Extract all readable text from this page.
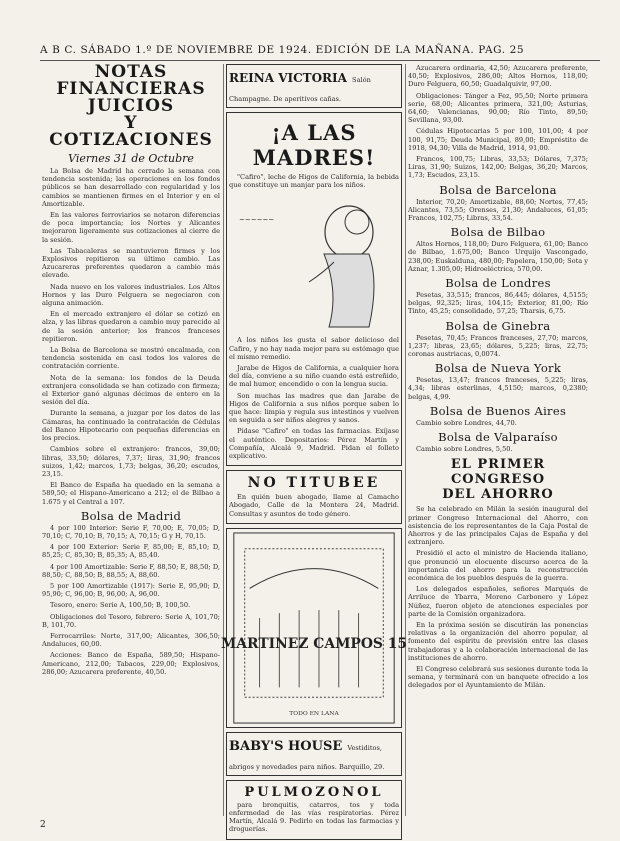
A B C. SÁBADO 1.º DE NOVIEMBRE DE 1924. EDICIÓN DE LA MAÑANA. PAG. 25
NOTAS FINANCIERAS
JUICIOS
Y COTIZACIONES
Viernes 31 de Octubre

La Bolsa de Madrid ha cerrado la semana con tendencia sostenida; las operaciones en los fondos públicos se han desarrollado con regularidad y los cambios se mantienen firmes en el Interior y en el Amortizable.

En las valores ferroviarios se notaron diferencias de poca importancia; los Nortes y Alicantes mejoraron ligeramente sus cotizaciones al cierre de la sesión.

Las Tabacaleras se mantuvieron firmes y los Explosivos repitieron su último cambio. Las Azucareras preferentes quedaron a cambio más elevado.

Nada nuevo en los valores industriales. Los Altos Hornos y las Duro Felguera se negociaron con alguna animación.

En el mercado extranjero el dólar se cotizó en alza, y las libras quedaron a cambio muy parecido al de la sesión anterior; los francos franceses repitieron.

La Bolsa de Barcelona se mostró encalmada, con tendencia sostenida en casi todos los valores de contratación corriente.

Nota de la semana: los fondos de la Deuda extranjera consolidada se han cotizado con firmeza; el Exterior ganó algunas décimas de entero en la sesión del día.

Durante la semana, a juzgar por los datos de las Cámaras, ha continuado la contratación de Cédulas del Banco Hipotecario con pequeñas diferencias en los precios.

Cambios sobre el extranjero: francos, 39,00; libras, 33,50; dólares, 7,37; liras, 31,90; francos suizos, 1,42; marcos, 1,73; belgas, 36,20; escudos, 23,15.

El Banco de España ha quedado en la semana a 589,50; el Hispano-Americano a 212; el de Bilbao a 1.675 y el Central a 107.

Bolsa de Madrid

4 por 100 Interior: Serie F, 70,00; E, 70,05; D, 70,10; C, 70,10; B, 70,15; A, 70,15; G y H, 70,15.

4 por 100 Exterior: Serie F, 85,00; E, 85,10; D, 85,25; C, 85,30; B, 85,35; A, 85,40.

4 por 100 Amortizable: Serie F, 88,50; E, 88,50; D, 88,50; C, 88,50; B, 88,55; A, 88,60.

5 por 100 Amortizable (1917): Serie E, 95,90; D, 95,90; C, 96,00; B, 96,00; A, 96,00.

Tesoro, enero: Serie A, 100,50; B, 100,50.

Obligaciones del Tesoro, febrero: Serie A, 101,70; B, 101,70.

Ferrocarriles: Norte, 317,00; Alicantes, 306,50; Andaluces, 60,00.

Acciones: Banco de España, 589,50; Hispano-Americano, 212,00; Tabacos, 229,00; Explosivos, 286,00; Azucarera preferente, 40,50.

REINA VICTORIA Salón Champagne. De aperitivos cañas.
¡A LAS MADRES!

"Cafiro", leche de Higos de California, la bebida que constituye un manjar para los niños.

~~~~~~

A los niños les gusta el sabor delicioso del Cafiro, y no hay nada mejor para su estómago que el mismo remedio.

Jarabe de Higos de California, a cualquier hora del día, conviene a su niño cuando está estreñido, de mal humor, encendido o con la lengua sucia.

Son muchas las madres que dan Jarabe de Higos de California a sus niños porque saben lo que hace: limpia y regula sus intestinos y vuelven en seguida a ser niños alegres y sanos.

Pídase "Cafiro" en todas las farmacias. Exíjase el auténtico. Depositarios: Pérez Martín y Compañía, Alcalá 9, Madrid. Pidan el folleto explicativo.

NO TITUBEE

En quién buen abogado, llame al Camacho Abogado, Calle de la Montera 24, Madrid. Consultas y asuntos de todo género.

MARTINEZ CAMPOS 15
TODO EN LANA
BABY'S HOUSE Vestiditos, abrigos y novedades para niños. Barquillo, 29.
PULMOZONOL

para bronquitis, catarros, tos y toda enfermedad de las vías respiratorias. Pérez Martín, Alcalá 9. Pedirlo en todas las farmacias y droguerías.

Azucarera ordinaria, 42,50; Azucarera preferente, 40,50; Explosivos, 286,00; Altos Hornos, 118,00; Duro Felguera, 60,50; Guadalquivir, 97,00.

Obligaciones: Tánger a Fez, 95,50; Norte primera serie, 68,00; Alicantes primera, 321,00; Asturias, 64,60; Valencianas, 90,00; Río Tinto, 89,50; Sevillana, 93,00.

Cédulas Hipotecarias 5 por 100, 101,00; 4 por 100, 91,75; Deuda Municipal, 89,00; Empréstito de 1918, 94,30; Villa de Madrid, 1914, 91,00.

Francos, 100,75; Libras, 33,53; Dólares, 7,375; Liras, 31,90; Suizos, 142,00; Belgas, 36,20; Marcos, 1,73; Escudos, 23,15.

Bolsa de Barcelona

Interior, 70,20; Amortizable, 88,60; Nortes, 77,45; Alicantes, 73,55; Orenses, 21,30; Andaluces, 61,05; Francos, 102,75; Libras, 33,54.

Bolsa de Bilbao

Altos Hornos, 118,00; Duro Felguera, 61,00; Banco de Bilbao, 1.675,00; Banco Urquijo Vascongado, 238,00; Euskalduna, 480,00; Papelera, 150,00; Sota y Aznar, 1.305,00; Hidroeléctrica, 570,00.

Bolsa de Londres

Pesetas, 33,515; francos, 86,445; dólares, 4,5155; belgas, 92,325; liras, 104,15; Exterior, 81,00; Río Tinto, 45,25; consolidado, 57,25; Tharsis, 6,75.

Bolsa de Ginebra

Pesetas, 70,45; Francos franceses, 27,70; marcos, 1,237; libras, 23,65; dólares, 5,225; liras, 22,75; coronas austriacas, 0,0074.

Bolsa de Nueva York

Pesetas, 13,47; francos franceses, 5,225; liras, 4,34; libras esterlinas, 4,5150; marcos, 0,2380; belgas, 4,99.

Bolsa de Buenos Aires

Cambio sobre Londres, 44,70.

Bolsa de Valparaíso

Cambio sobre Londres, 5,50.

EL PRIMER CONGRESO
DEL AHORRO

Se ha celebrado en Milán la sesión inaugural del primer Congreso Internacional del Ahorro, con asistencia de los representantes de la Caja Postal de Ahorros y de las principales Cajas de España y del extranjero.

Presidió el acto el ministro de Hacienda italiano, que pronunció un elocuente discurso acerca de la importancia del ahorro para la reconstrucción económica de los pueblos después de la guerra.

Los delegados españoles, señores Marqués de Arriluce de Ybarra, Moreno Carbonero y López Núñez, fueron objeto de atenciones especiales por parte de la Comisión organizadora.

En la próxima sesión se discutirán las ponencias relativas a la organización del ahorro popular, al fomento del espíritu de previsión entre las clases trabajadoras y a la colaboración internacional de las instituciones de ahorro.

El Congreso celebrará sus sesiones durante toda la semana, y terminará con un banquete ofrecido a los delegados por el Ayuntamiento de Milán.

2
